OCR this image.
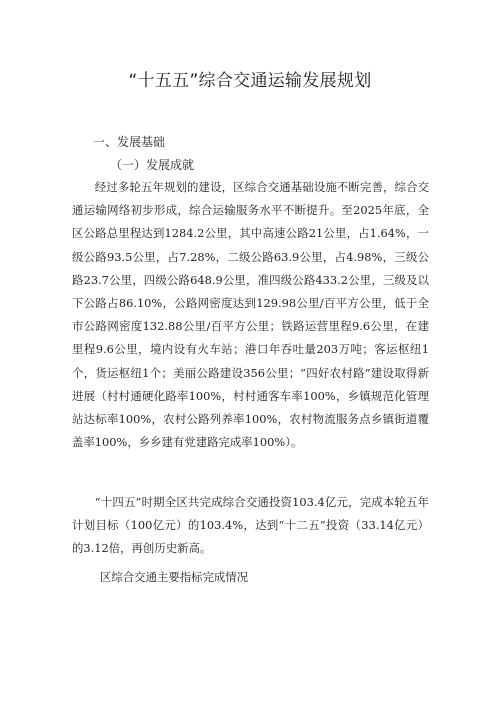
“十五五”综合交通运输发展规划
一、发展基础
（一）发展成就
经过多轮五年规划的建设，区综合交通基础设施不断完善，综合交通运输网络初步形成，综合运输服务水平不断提升。至2025年底，全区公路总里程达到1284.2公里，其中高速公路21公里，占1.64%，一级公路93.5公里，占7.28%，二级公路63.9公里，占4.98%，三级公路23.7公里，四级公路648.9公里，准四级公路433.2公里，三级及以下公路占86.10%，公路网密度达到129.98公里/百平方公里，低于全市公路网密度132.88公里/百平方公里；铁路运营里程9.6公里，在建里程9.6公里，境内设有火车站；港口年吞吐量203万吨；客运枢纽1个，货运枢纽1个；美丽公路建设356公里；“四好农村路”建设取得新进展（村村通硬化路率100%，村村通客车率100%，乡镇规范化管理站达标率100%，农村公路列养率100%，农村物流服务点乡镇街道覆盖率100%，乡乡建有党建路完成率100%）。
“十四五”时期全区共完成综合交通投资103.4亿元，完成本轮五年计划目标（100亿元）的103.4%，达到“十二五”投资（33.14亿元）的3.12倍，再创历史新高。
区综合交通主要指标完成情况
